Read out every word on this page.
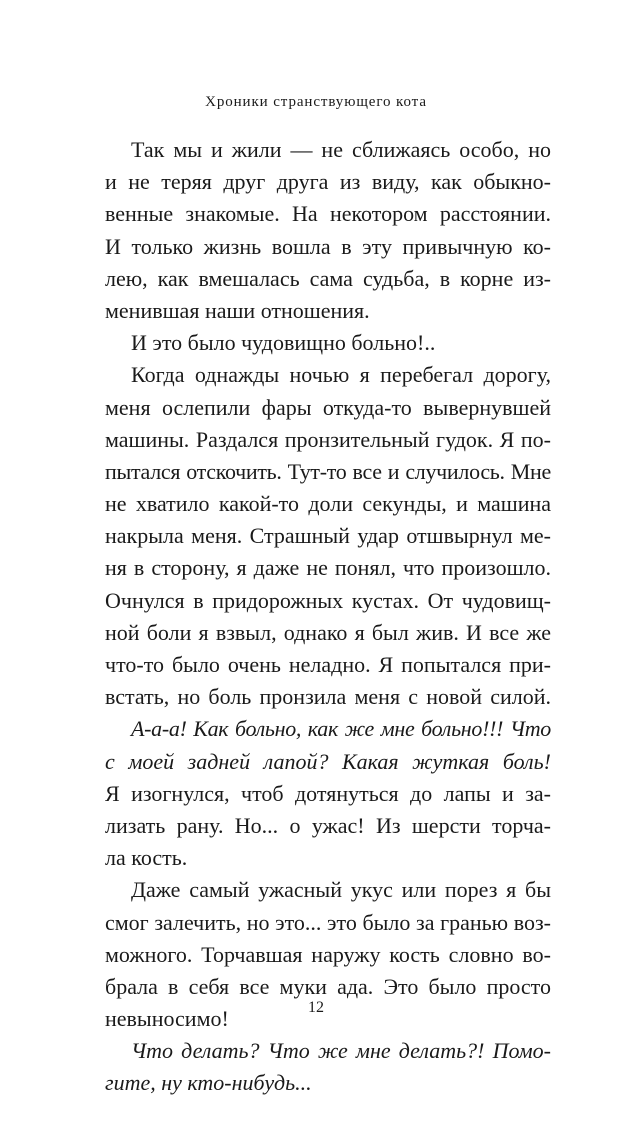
Хроники странствующего кота
Так мы и жили — не сближаясь особо, но
и не теряя друг друга из виду, как обыкно-
венные знакомые. На некотором расстоянии.
И только жизнь вошла в эту привычную ко-
лею, как вмешалась сама судьба, в корне из-
менившая наши отношения.
И это было чудовищно больно!..
Когда однажды ночью я перебегал дорогу,
меня ослепили фары откуда-то вывернувшей
машины. Раздался пронзительный гудок. Я по-
пытался отскочить. Тут-то все и случилось. Мне
не хватило какой-то доли секунды, и машина
накрыла меня. Страшный удар отшвырнул ме-
ня в сторону, я даже не понял, что произошло.
Очнулся в придорожных кустах. От чудовищ-
ной боли я взвыл, однако я был жив. И все же
что-то было очень неладно. Я попытался при-
встать, но боль пронзила меня с новой силой.
А-а-а! Как больно, как же мне больно!!! Что
с моей задней лапой? Какая жуткая боль!
Я изогнулся, чтоб дотянуться до лапы и за-
лизать рану. Но... о ужас! Из шерсти торча-
ла кость.
Даже самый ужасный укус или порез я бы
смог залечить, но это... это было за гранью воз-
можного. Торчавшая наружу кость словно во-
брала в себя все муки ада. Это было просто
невыносимо!
Что делать? Что же мне делать?! Помо-
гите, ну кто-нибудь...
12
